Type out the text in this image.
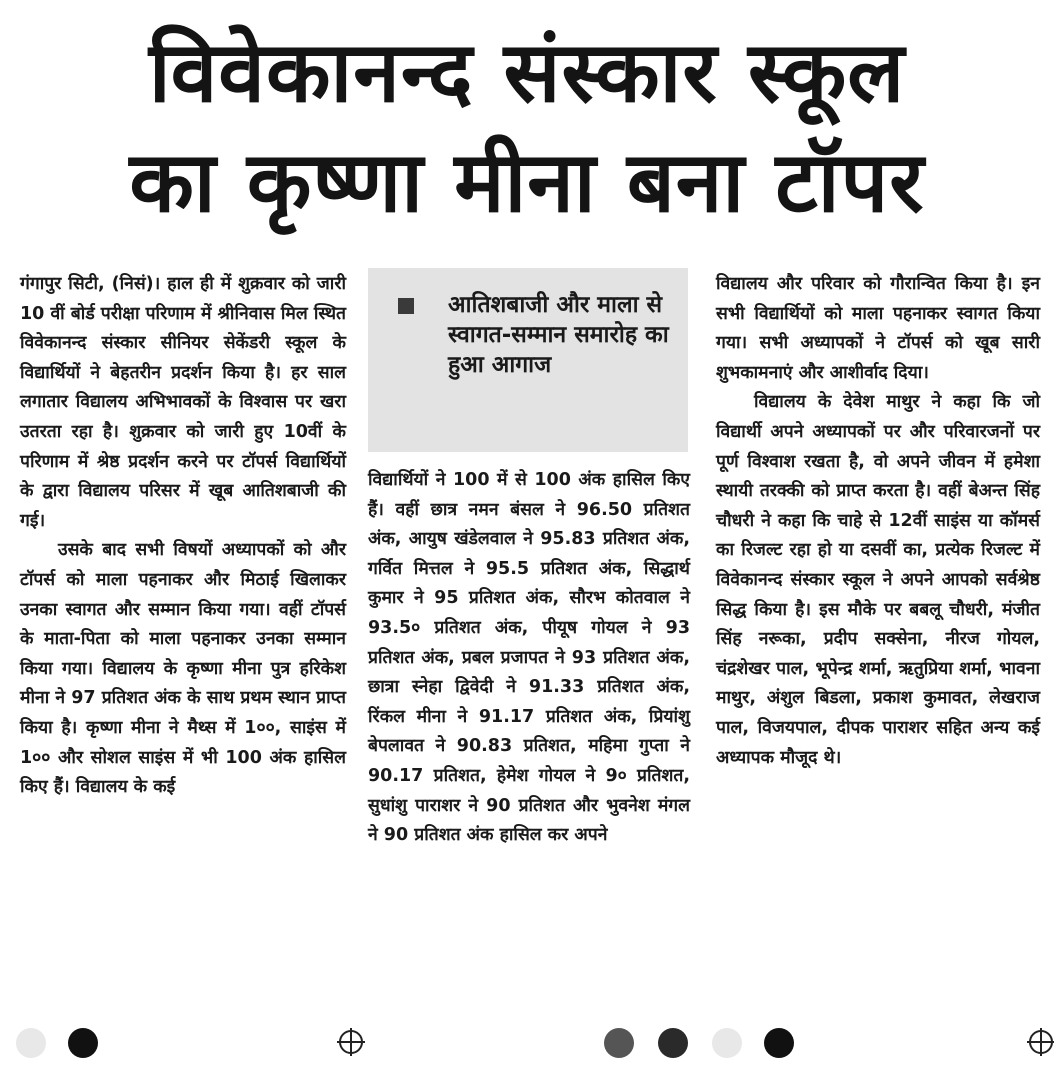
विवेकानन्द संस्कार स्कूल
का कृष्णा मीना बना टॉपर

गंगापुर सिटी, (निसं)। हाल ही में शुक्रवार को जारी 10 वीं बोर्ड परीक्षा परिणाम में श्रीनिवास मिल स्थित विवेकानन्द संस्कार सीनियर सेकेंडरी स्कूल के विद्यार्थियों ने बेहतरीन प्रदर्शन किया है। हर साल लगातार विद्यालय अभिभावकों के विश्वास पर खरा उतरता रहा है। शुक्रवार को जारी हुए 10वीं के परिणाम में श्रेष्ठ प्रदर्शन करने पर टॉपर्स विद्यार्थियों के द्वारा विद्यालय परिसर में खूब आतिशबाजी की गई।

उसके बाद सभी विषयों अध्यापकों को और टॉपर्स को माला पहनाकर और मिठाई खिलाकर उनका स्वागत और सम्मान किया गया। वहीं टॉपर्स के माता-पिता को माला पहनाकर उनका सम्मान किया गया। विद्यालय के कृष्णा मीना पुत्र हरिकेश मीना ने 97 प्रतिशत अंक के साथ प्रथम स्थान प्राप्त किया है। कृष्णा मीना ने मैथ्स में 1००, साइंस में 1०० और सोशल साइंस में भी 100 अंक हासिल किए हैं। विद्यालय के कई

आतिशबाजी और माला से स्वागत-सम्मान समारोह का हुआ आगाज

विद्यार्थियों ने 100 में से 100 अंक हासिल किए हैं। वहीं छात्र नमन बंसल ने 96.50 प्रतिशत अंक, आयुष खंडेलवाल ने 95.83 प्रतिशत अंक, गर्वित मित्तल ने 95.5 प्रतिशत अंक, सिद्धार्थ कुमार ने 95 प्रतिशत अंक, सौरभ कोतवाल ने 93.5० प्रतिशत अंक, पीयूष गोयल ने 93 प्रतिशत अंक, प्रबल प्रजापत ने 93 प्रतिशत अंक, छात्रा स्नेहा द्विवेदी ने 91.33 प्रतिशत अंक, रिंकल मीना ने 91.17 प्रतिशत अंक, प्रियांशु बेपलावत ने 90.83 प्रतिशत, महिमा गुप्ता ने 90.17 प्रतिशत, हेमेश गोयल ने 9० प्रतिशत, सुधांशु पाराशर ने 90 प्रतिशत और भुवनेश मंगल ने 90 प्रतिशत अंक हासिल कर अपने

विद्यालय और परिवार को गौरान्वित किया है। इन सभी विद्यार्थियों को माला पहनाकर स्वागत किया गया। सभी अध्यापकों ने टॉपर्स को खूब सारी शुभकामनाएं और आशीर्वाद दिया।

विद्यालय के देवेश माथुर ने कहा कि जो विद्यार्थी अपने अध्यापकों पर और परिवारजनों पर पूर्ण विश्वाश रखता है, वो अपने जीवन में हमेशा स्थायी तरक्की को प्राप्त करता है। वहीं बेअन्त सिंह चौधरी ने कहा कि चाहे से 12वीं साइंस या कॉमर्स का रिजल्ट रहा हो या दसवीं का, प्रत्येक रिजल्ट में विवेकानन्द संस्कार स्कूल ने अपने आपको सर्वश्रेष्ठ सिद्ध किया है। इस मौके पर बबलू चौधरी, मंजीत सिंह नरूका, प्रदीप सक्सेना, नीरज गोयल, चंद्रशेखर पाल, भूपेन्द्र शर्मा, ऋतुप्रिया शर्मा, भावना माथुर, अंशुल बिडला, प्रकाश कुमावत, लेखराज पाल, विजयपाल, दीपक पाराशर सहित अन्य कई अध्यापक मौजूद थे।
